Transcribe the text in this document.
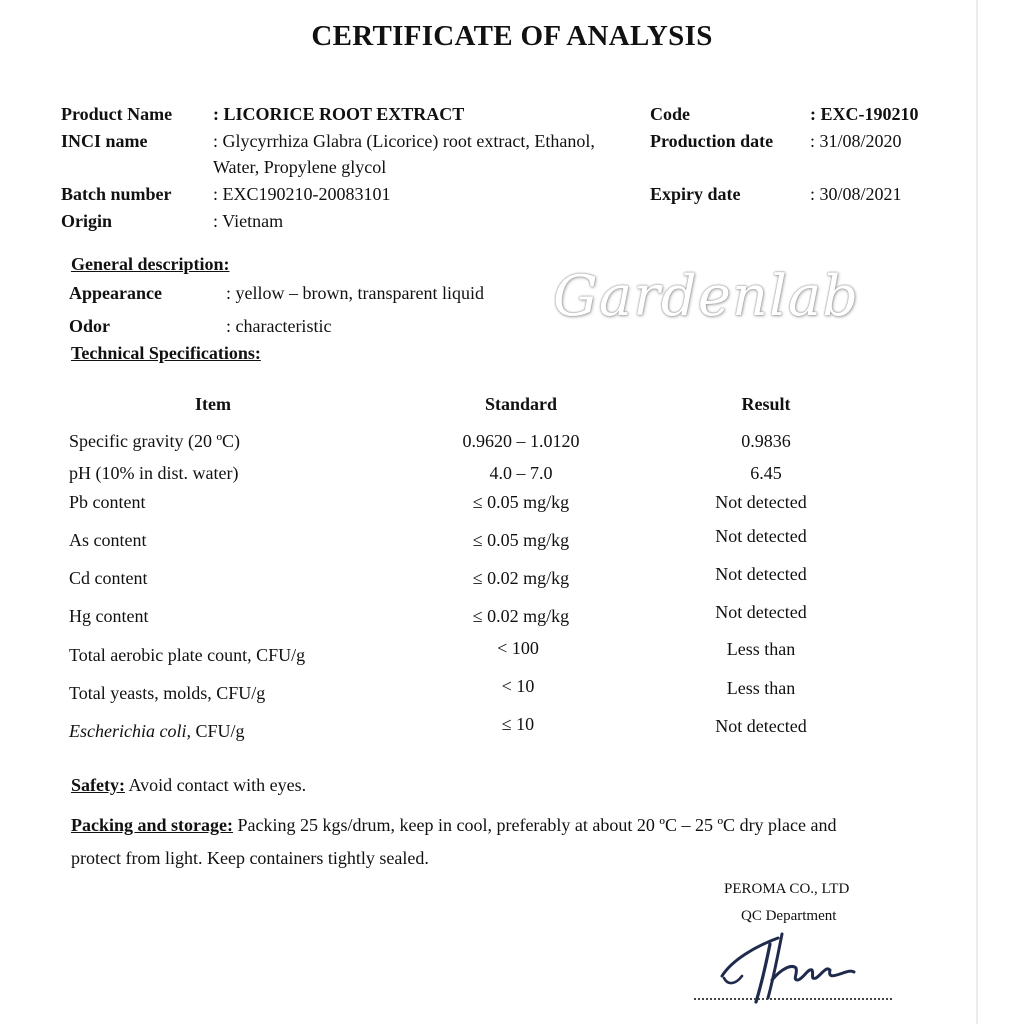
CERTIFICATE OF ANALYSIS
Product Name : LICORICE ROOT EXTRACT
INCI name	: Glycyrrhiza Glabra (Licorice) root extract, Ethanol,
Water, Propylene glycol
Batch number : EXC190210-20083101
Origin	: Vietnam
Code	: EXC-190210
Production date : 31/08/2020
Expiry date	: 30/08/2021
General description:
Appearance	: yellow – brown, transparent liquid
Odor	: characteristic	Gardenlab
Technical Specifications:
Item	Standard	Result
Specific gravity (20 ºC)	0.9620 – 1.0120	0.9836
pH (10% in dist. water)	4.0 – 7.0	6.45
Pb content	≤ 0.05 mg/kg	Not detected
As content	≤ 0.05 mg/kg	Not detected
Cd content	≤ 0.02 mg/kg	Not detected
Hg content	≤ 0.02 mg/kg	Not detected
Total aerobic plate count, CFU/g	< 100	Less than
Total yeasts, molds, CFU/g	< 10	Less than
Escherichia coli, CFU/g	≤ 10	Not detected
Safety: Avoid contact with eyes.
Packing and storage: Packing 25 kgs/drum, keep in cool, preferably at about 20 ºC – 25 ºC dry place and
protect from light. Keep containers tightly sealed.
PEROMA CO., LTD
QC Department
